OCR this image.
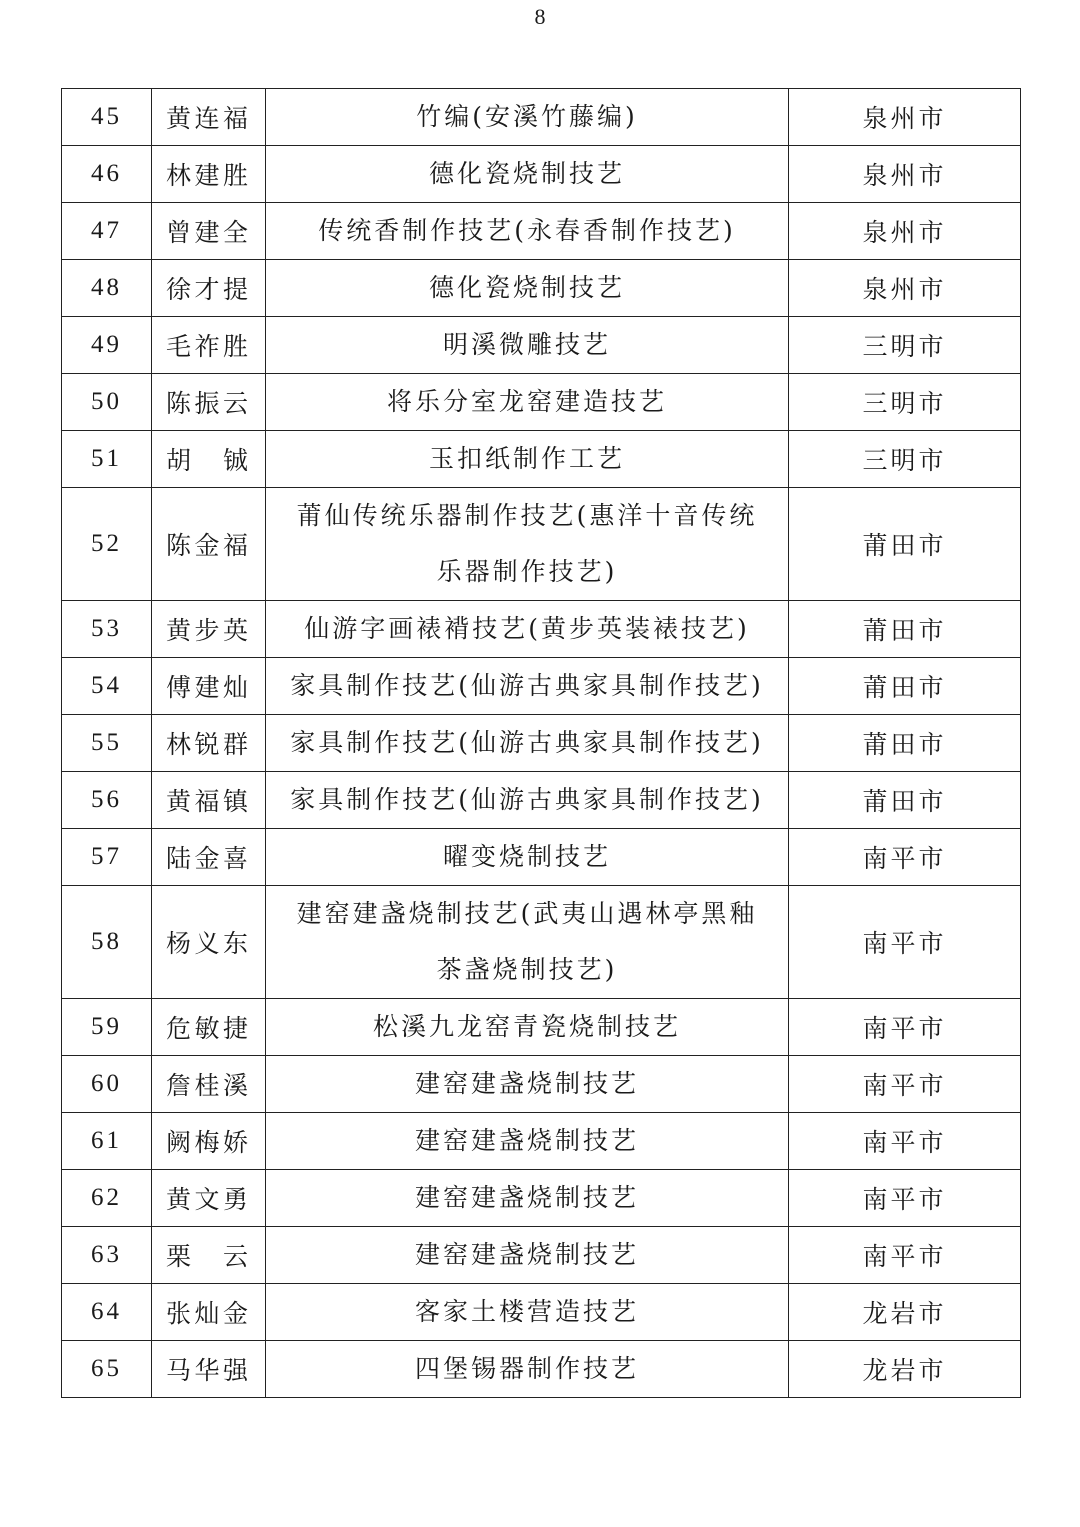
8
45	黄连福	竹编(安溪竹藤编)	泉州市
46	林建胜	德化瓷烧制技艺	泉州市
47	曾建全	传统香制作技艺(永春香制作技艺)	泉州市
48	徐才提	德化瓷烧制技艺	泉州市
49	毛祚胜	明溪微雕技艺	三明市
50	陈振云	将乐分室龙窑建造技艺	三明市
51	胡　铖	玉扣纸制作工艺	三明市
52	陈金福	莆仙传统乐器制作技艺(惠洋十音传统乐器制作技艺)	莆田市
53	黄步英	仙游字画裱褙技艺(黄步英装裱技艺)	莆田市
54	傅建灿	家具制作技艺(仙游古典家具制作技艺)	莆田市
55	林锐群	家具制作技艺(仙游古典家具制作技艺)	莆田市
56	黄福镇	家具制作技艺(仙游古典家具制作技艺)	莆田市
57	陆金喜	曜变烧制技艺	南平市
58	杨义东	建窑建盏烧制技艺(武夷山遇林亭黑釉茶盏烧制技艺)	南平市
59	危敏捷	松溪九龙窑青瓷烧制技艺	南平市
60	詹桂溪	建窑建盏烧制技艺	南平市
61	阙梅娇	建窑建盏烧制技艺	南平市
62	黄文勇	建窑建盏烧制技艺	南平市
63	栗　云	建窑建盏烧制技艺	南平市
64	张灿金	客家土楼营造技艺	龙岩市
65	马华强	四堡锡器制作技艺	龙岩市
